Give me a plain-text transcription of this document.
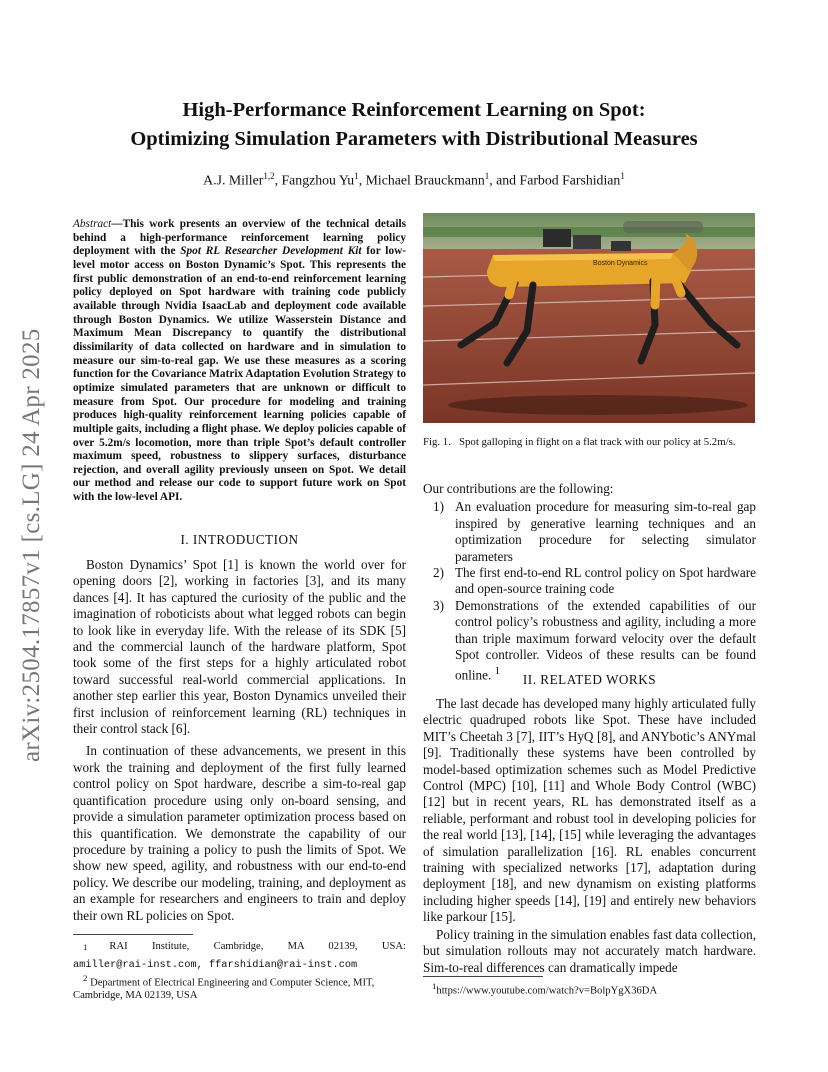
High-Performance Reinforcement Learning on Spot:
Optimizing Simulation Parameters with Distributional Measures
A.J. Miller$^{1,2}$, Fangzhou Yu$^1$, Michael Brauckmann$^1$, and Farbod Farshidian$^1$
arXiv:2504.17857v1 [cs.LG] 24 Apr 2025
Abstract—This work presents an overview of the technical details behind a high-performance reinforcement learning policy deployment with the Spot RL Researcher Development Kit for low-level motor access on Boston Dynamic’s Spot. This represents the first public demonstration of an end-to-end reinforcement learning policy deployed on Spot hardware with training code publicly available through Nvidia IsaacLab and deployment code available through Boston Dynamics. We utilize Wasserstein Distance and Maximum Mean Discrepancy to quantify the distributional dissimilarity of data collected on hardware and in simulation to measure our sim-to-real gap. We use these measures as a scoring function for the Covariance Matrix Adaptation Evolution Strategy to optimize simulated parameters that are unknown or difficult to measure from Spot. Our procedure for modeling and training produces high-quality reinforcement learning policies capable of multiple gaits, including a flight phase. We deploy policies capable of over 5.2m/s locomotion, more than triple Spot’s default controller maximum speed, robustness to slippery surfaces, disturbance rejection, and overall agility previously unseen on Spot. We detail our method and release our code to support future work on Spot with the low-level API.
I. INTRODUCTION

Boston Dynamics’ Spot [1] is known the world over for opening doors [2], working in factories [3], and its many dances [4]. It has captured the curiosity of the public and the imagination of roboticists about what legged robots can begin to look like in everyday life. With the release of its SDK [5] and the commercial launch of the hardware platform, Spot took some of the first steps for a highly articulated robot toward successful real-world commercial applications. In another step earlier this year, Boston Dynamics unveiled their first inclusion of reinforcement learning (RL) techniques in their control stack [6].

In continuation of these advancements, we present in this work the training and deployment of the first fully learned control policy on Spot hardware, describe a sim-to-real gap quantification procedure using only on-board sensing, and provide a simulation parameter optimization process based on this quantification. We demonstrate the capability of our procedure by training a policy to push the limits of Spot. We show new speed, agility, and robustness with our end-to-end policy. We describe our modeling, training, and deployment as an example for researchers and engineers to train and deploy their own RL policies on Spot.

$^1$	RAI Institute, Cambridge, MA 02139, USA:
amiller@rai-inst.com, ffarshidian@rai-inst.com
$^2$ Department of Electrical Engineering and Computer Science, MIT, Cambridge, MA 02139, USA
Boston Dynamics
Fig. 1. Spot galloping in flight on a flat track with our policy at 5.2m/s.
Our contributions are the following:
1) An evaluation procedure for measuring sim-to-real gap inspired by generative learning techniques and an optimization procedure for selecting simulator parameters
2) The first end-to-end RL control policy on Spot hardware and open-source training code
3) Demonstrations of the extended capabilities of our control policy’s robustness and agility, including a more than triple maximum forward velocity over the default Spot controller. Videos of these results can be found online. $^1$
II. RELATED WORKS

The last decade has developed many highly articulated fully electric quadruped robots like Spot. These have included MIT’s Cheetah 3 [7], IIT’s HyQ [8], and ANYbotic’s ANYmal [9]. Traditionally these systems have been controlled by model-based optimization schemes such as Model Predictive Control (MPC) [10], [11] and Whole Body Control (WBC) [12] but in recent years, RL has demonstrated itself as a reliable, performant and robust tool in developing policies for the real world [13], [14], [15] while leveraging the advantages of simulation parallelization [16]. RL enables concurrent training with specialized networks [17], adaptation during deployment [18], and new dynamism on existing platforms including higher speeds [14], [19] and entirely new behaviors like parkour [15].

Policy training in the simulation enables fast data collection, but simulation rollouts may not accurately match hardware. Sim-to-real differences can dramatically impede

$^1$https://www.youtube.com/watch?v=BolpYgX36DA
